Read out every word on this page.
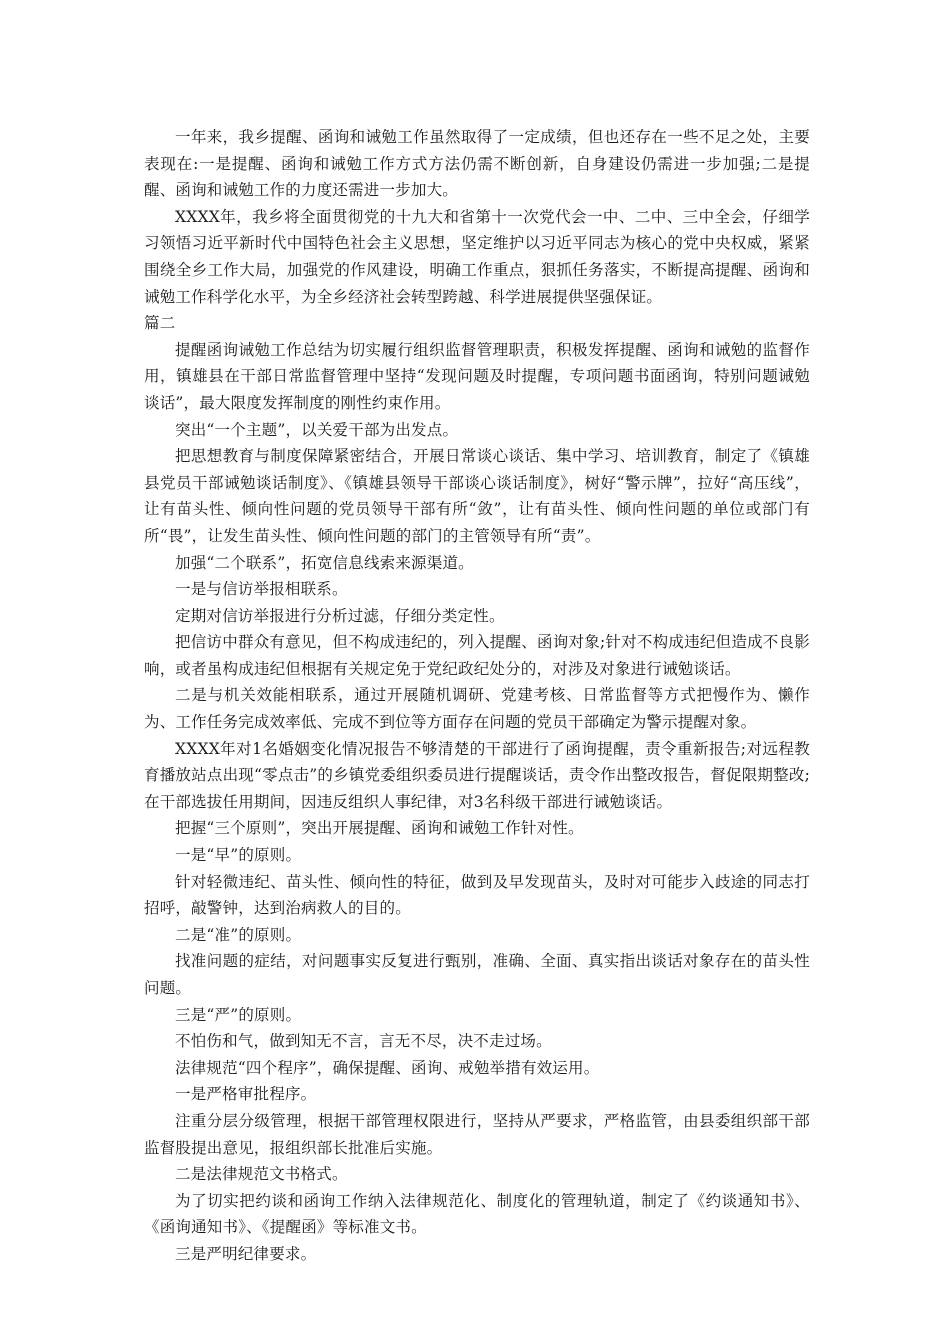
一年来，我乡提醒、函询和诫勉工作虽然取得了一定成绩，但也还存在一些不足之处，主要表现在:一是提醒、函询和诫勉工作方式方法仍需不断创新，自身建设仍需进一步加强;二是提醒、函询和诫勉工作的力度还需进一步加大。

XXXX年，我乡将全面贯彻党的十九大和省第十一次党代会一中、二中、三中全会，仔细学习领悟习近平新时代中国特色社会主义思想，坚定维护以习近平同志为核心的党中央权威，紧紧围绕全乡工作大局，加强党的作风建设，明确工作重点，狠抓任务落实，不断提高提醒、函询和诫勉工作科学化水平，为全乡经济社会转型跨越、科学进展提供坚强保证。

篇二

提醒函询诫勉工作总结为切实履行组织监督管理职责，积极发挥提醒、函询和诫勉的监督作用，镇雄县在干部日常监督管理中坚持“发现问题及时提醒，专项问题书面函询，特别问题诫勉谈话”，最大限度发挥制度的刚性约束作用。

突出“一个主题”，以关爱干部为出发点。

把思想教育与制度保障紧密结合，开展日常谈心谈话、集中学习、培训教育，制定了《镇雄县党员干部诫勉谈话制度》、《镇雄县领导干部谈心谈话制度》，树好“警示牌”，拉好“高压线”，让有苗头性、倾向性问题的党员领导干部有所“敛”，让有苗头性、倾向性问题的单位或部门有所“畏”，让发生苗头性、倾向性问题的部门的主管领导有所“责”。

加强“二个联系”，拓宽信息线索来源渠道。

一是与信访举报相联系。

定期对信访举报进行分析过滤，仔细分类定性。

把信访中群众有意见，但不构成违纪的，列入提醒、函询对象;针对不构成违纪但造成不良影响，或者虽构成违纪但根据有关规定免于党纪政纪处分的，对涉及对象进行诫勉谈话。

二是与机关效能相联系，通过开展随机调研、党建考核、日常监督等方式把慢作为、懒作为、工作任务完成效率低、完成不到位等方面存在问题的党员干部确定为警示提醒对象。

XXXX年对1名婚姻变化情况报告不够清楚的干部进行了函询提醒，责令重新报告;对远程教育播放站点出现“零点击”的乡镇党委组织委员进行提醒谈话，责令作出整改报告，督促限期整改;在干部选拔任用期间，因违反组织人事纪律，对3名科级干部进行诫勉谈话。

把握“三个原则”，突出开展提醒、函询和诫勉工作针对性。

一是“早”的原则。

针对轻微违纪、苗头性、倾向性的特征，做到及早发现苗头，及时对可能步入歧途的同志打招呼，敲警钟，达到治病救人的目的。

二是“准”的原则。

找准问题的症结，对问题事实反复进行甄别，准确、全面、真实指出谈话对象存在的苗头性问题。

三是“严”的原则。

不怕伤和气，做到知无不言，言无不尽，决不走过场。

法律规范“四个程序”，确保提醒、函询、戒勉举措有效运用。

一是严格审批程序。

注重分层分级管理，根据干部管理权限进行，坚持从严要求，严格监管，由县委组织部干部监督股提出意见，报组织部长批准后实施。

二是法律规范文书格式。

为了切实把约谈和函询工作纳入法律规范化、制度化的管理轨道，制定了《约谈通知书》、《函询通知书》、《提醒函》等标准文书。

三是严明纪律要求。
